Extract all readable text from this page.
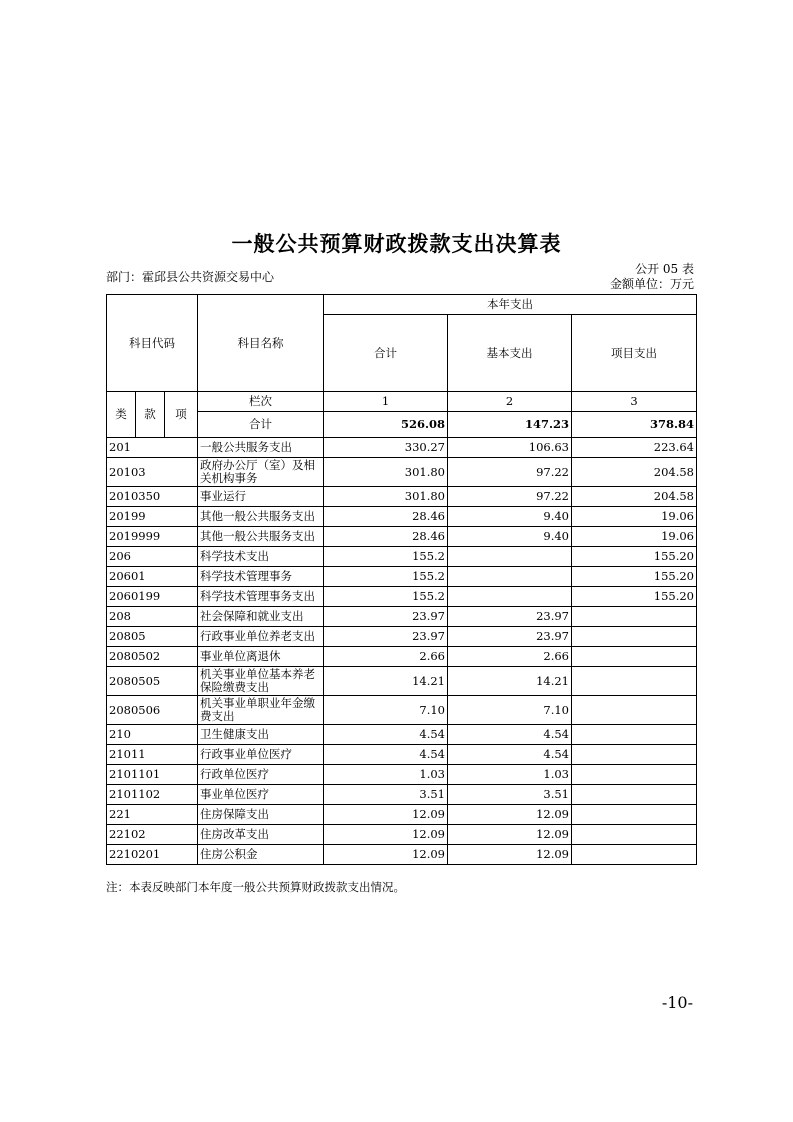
一般公共预算财政拨款支出决算表
部门：霍邱县公共资源交易中心
公开 05 表
金额单位：万元
科目代码			科目名称	本年支出		
				合计	基本支出	项目支出
类	款	项	栏次	1	2	3
			合计	526.08	147.23	378.84
201			一般公共服务支出	330.27	106.63	223.64
20103			政府办公厅（室）及相关机构事务	301.80	97.22	204.58
2010350			事业运行	301.80	97.22	204.58
20199			其他一般公共服务支出	28.46	9.40	19.06
2019999			其他一般公共服务支出	28.46	9.40	19.06
206			科学技术支出	155.2		155.20
20601			科学技术管理事务	155.2		155.20
2060199			科学技术管理事务支出	155.2		155.20
208			社会保障和就业支出	23.97	23.97	
20805			行政事业单位养老支出	23.97	23.97	
2080502			事业单位离退休	2.66	2.66	
2080505			机关事业单位基本养老保险缴费支出	14.21	14.21	
2080506			机关事业单职业年金缴费支出	7.10	7.10	
210			卫生健康支出	4.54	4.54	
21011			行政事业单位医疗	4.54	4.54	
2101101			行政单位医疗	1.03	1.03	
2101102			事业单位医疗	3.51	3.51	
221			住房保障支出	12.09	12.09	
22102			住房改革支出	12.09	12.09	
2210201			住房公积金	12.09	12.09	
注：本表反映部门本年度一般公共预算财政拨款支出情况。
-10-
